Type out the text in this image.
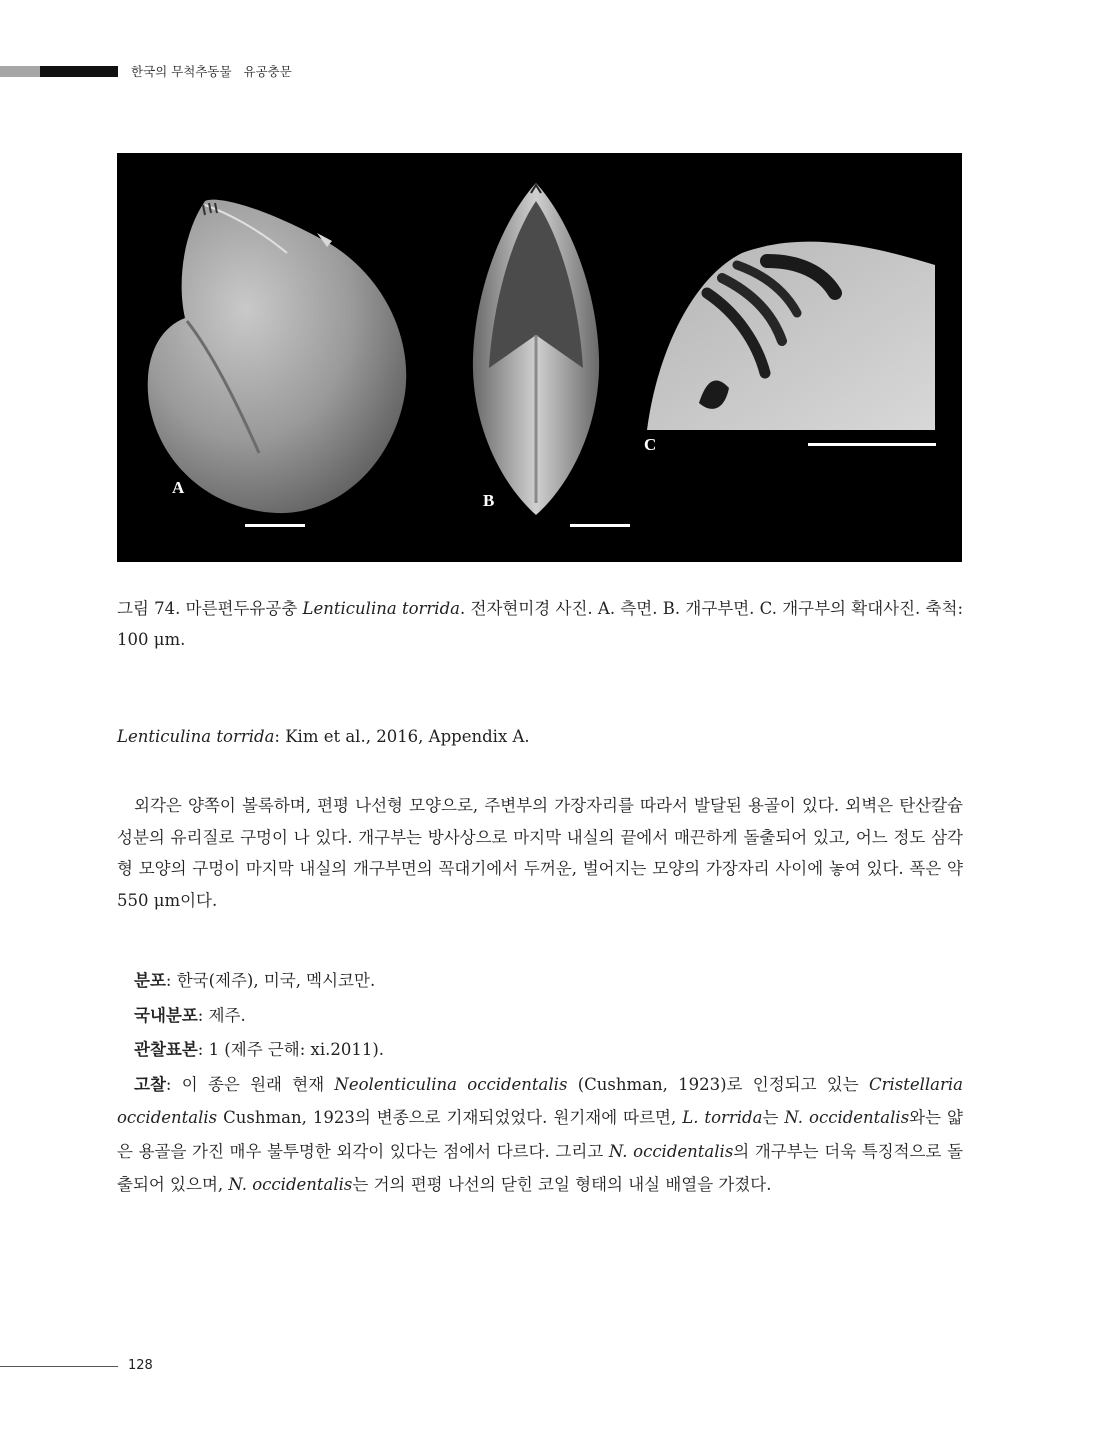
한국의 무척추동물   유공충문
A
B
C
그림 74. 마른편두유공충 Lenticulina torrida. 전자현미경 사진. A. 측면. B. 개구부면. C. 개구부의 확대사진. 축척: 100 μm.
Lenticulina torrida: Kim et al., 2016, Appendix A.
외각은 양쪽이 볼록하며, 편평 나선형 모양으로, 주변부의 가장자리를 따라서 발달된 용골이 있다. 외벽은 탄산칼슘 성분의 유리질로 구멍이 나 있다. 개구부는 방사상으로 마지막 내실의 끝에서 매끈하게 돌출되어 있고, 어느 정도 삼각형 모양의 구멍이 마지막 내실의 개구부면의 꼭대기에서 두꺼운, 벌어지는 모양의 가장자리 사이에 놓여 있다. 폭은 약 550 μm이다.
분포: 한국(제주), 미국, 멕시코만.
국내분포: 제주.
관찰표본: 1 (제주 근해: xi.2011).
고찰: 이 종은 원래 현재 Neolenticulina occidentalis (Cushman, 1923)로 인정되고 있는 Cristellaria occidentalis Cushman, 1923의 변종으로 기재되었었다. 원기재에 따르면, L. torrida는 N. occidentalis와는 얇은 용골을 가진 매우 불투명한 외각이 있다는 점에서 다르다. 그리고 N. occidentalis의 개구부는 더욱 특징적으로 돌출되어 있으며, N. occidentalis는 거의 편평 나선의 닫힌 코일 형태의 내실 배열을 가졌다.
128
